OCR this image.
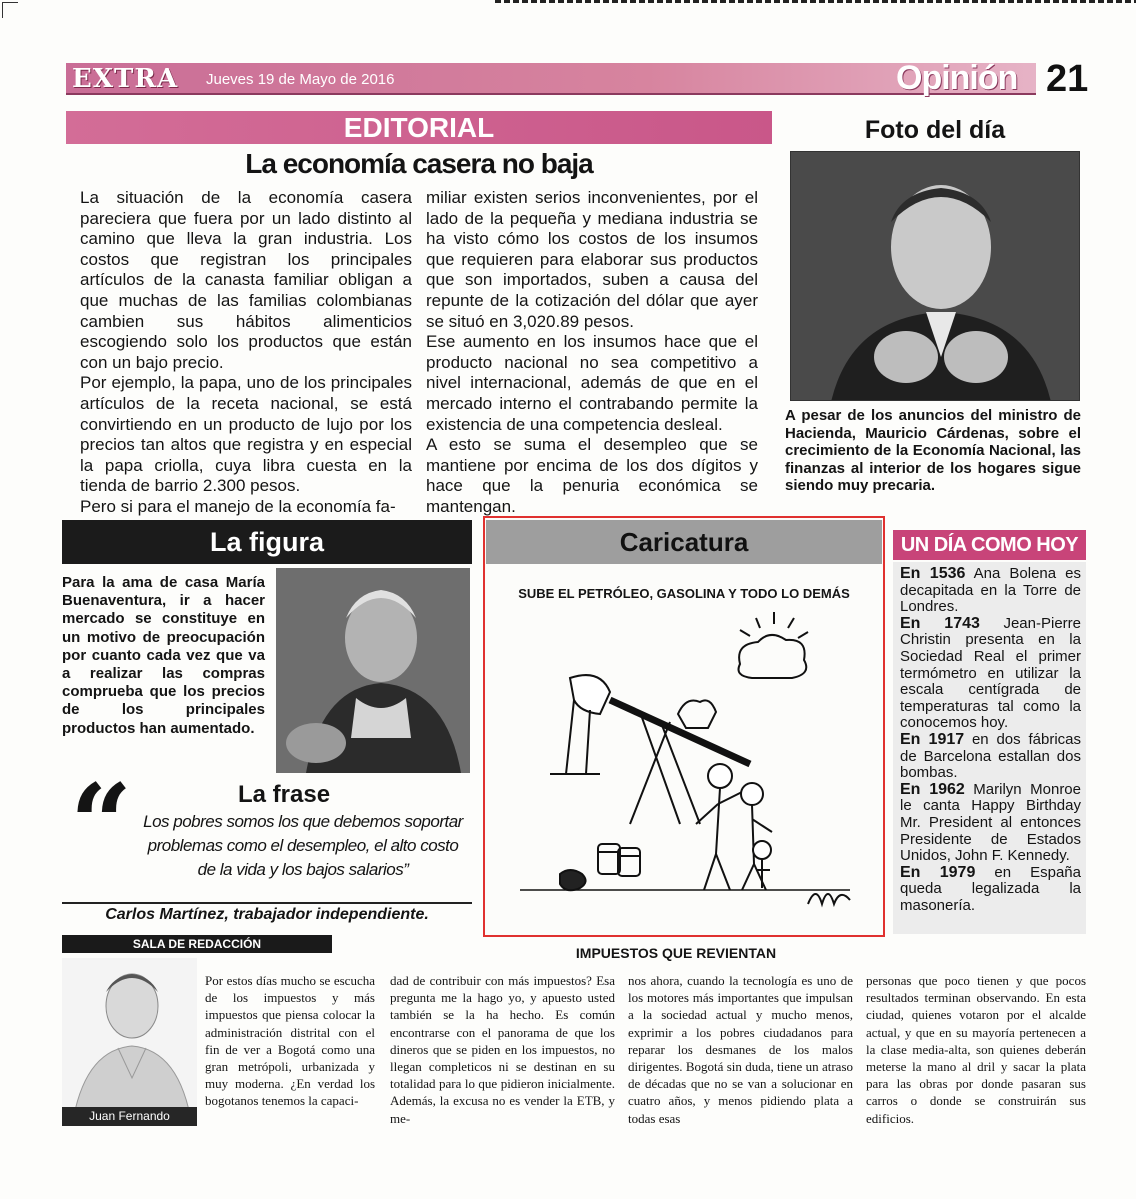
EXTRA Jueves 19 de Mayo de 2016	Opinión 21
EDITORIAL
La economía casera no baja

La situación de la economía casera pareciera que fuera por un lado distinto al camino que lleva la gran industria. Los costos que registran los principales artículos de la canasta familiar obligan a que muchas de las familias colombianas cambien sus hábitos alimenticios escogiendo solo los productos que están con un bajo precio.

Por ejemplo, la papa, uno de los principales artículos de la receta nacional, se está convirtiendo en un producto de lujo por los precios tan altos que registra y en especial la papa criolla, cuya libra cuesta en la tienda de barrio 2.300 pesos.

Pero si para el manejo de la economía fa-

miliar existen serios inconvenientes, por el lado de la pequeña y mediana industria se ha visto cómo los costos de los insumos que requieren para elaborar sus productos que son importados, suben a causa del repunte de la cotización del dólar que ayer se situó en 3,020.89 pesos.

Ese aumento en los insumos hace que el producto nacional no sea competitivo a nivel internacional, además de que en el mercado interno el contrabando permite la existencia de una competencia desleal.

A esto se suma el desempleo que se mantiene por encima de los dos dígitos y hace que la penuria económica se mantengan.

Foto del día
A pesar de los anuncios del ministro de Hacienda, Mauricio Cárdenas, sobre el crecimiento de la Economía Nacional, las finanzas al interior de los hogares sigue siendo muy precaria.
La figura
Para la ama de casa María Buenaventura, ir a hacer mercado se constituye en un motivo de preocupación por cuanto cada vez que va a realizar las compras comprueba que los precios de los principales productos han aumentado.
“	La frase
Los pobres somos los que debemos soportar problemas como el desempleo, el alto costo de la vida y los bajos salarios”
Carlos Martínez, trabajador independiente.
Caricatura
SUBE EL PETRÓLEO, GASOLINA Y TODO LO DEMÁS
UN DÍA COMO HOY

En 1536 Ana Bolena es decapitada en la Torre de Londres.

En 1743 Jean-Pierre Christin presenta en la Sociedad Real el primer termómetro en utilizar la escala centígrada de temperaturas tal como la conocemos hoy.

En 1917 en dos fábricas de Barcelona estallan dos bombas.

En 1962 Marilyn Monroe le canta Happy Birthday Mr. President al entonces Presidente de Estados Unidos, John F. Kennedy.

En 1979 en España queda legalizada la masonería.

SALA DE REDACCIÓN
IMPUESTOS QUE REVIENTAN
Juan Fernando

Por estos días mucho se escucha de los impuestos y más impuestos que piensa colocar la administración distrital con el fin de ver a Bogotá como una gran metrópoli, urbanizada y muy moderna. ¿En verdad los bogotanos tenemos la capaci-

dad de contribuir con más impuestos? Esa pregunta me la hago yo, y apuesto usted también se la ha hecho. Es común encontrarse con el panorama de que los dineros que se piden en los impuestos, no llegan completicos ni se destinan en su totalidad para lo que pidieron inicialmente. Además, la excusa no es vender la ETB, y me-

nos ahora, cuando la tecnología es uno de los motores más importantes que impulsan a la sociedad actual y mucho menos, exprimir a los pobres ciudadanos para reparar los desmanes de los malos dirigentes. Bogotá sin duda, tiene un atraso de décadas que no se van a solucionar en cuatro años, y menos pidiendo plata a todas esas

personas que poco tienen y que pocos resultados terminan observando. En esta ciudad, quienes votaron por el alcalde actual, y que en su mayoría pertenecen a la clase media-alta, son quienes deberán meterse la mano al dril y sacar la plata para las obras por donde pasaran sus carros o donde se construirán sus edificios.
